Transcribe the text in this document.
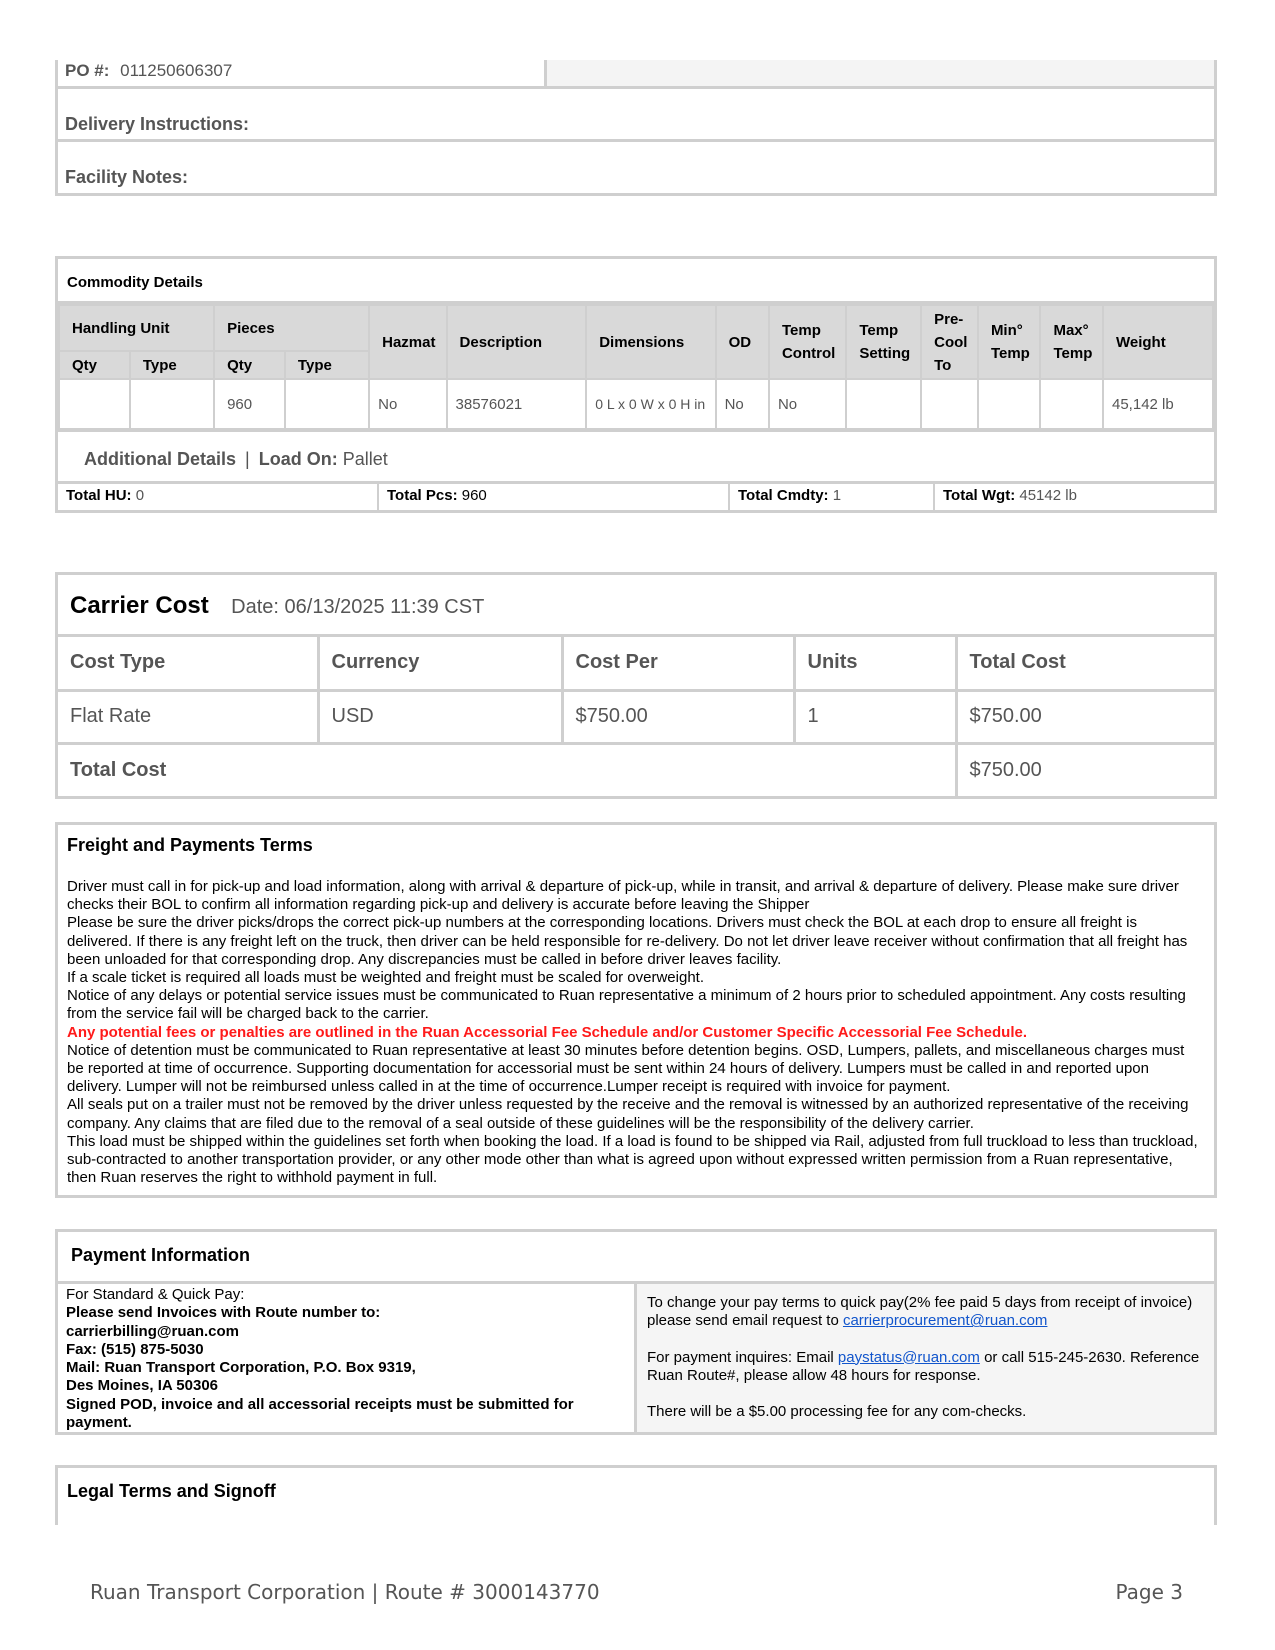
PO #: 011250606307
Delivery Instructions:
Facility Notes:
Commodity Details
Handling Unit		Pieces		Hazmat	Description	Dimensions	OD	Temp Control	Temp Setting	Pre-Cool To	Min° Temp	Max° Temp	Weight
Qty	Type	Qty	Type										
		960		No	38576021	0 L x 0 W x 0 H in	No	No					45,142 lb
Additional Details | Load On: Pallet
Total HU: 0	Total Pcs: 960	Total Cmdty: 1	Total Wgt: 45142 lb
Carrier Cost Date: 06/13/2025 11:39 CST
Cost Type	Currency	Cost Per	Units	Total Cost
Flat Rate	USD	$750.00	1	$750.00
Total Cost				$750.00
Freight and Payments Terms

Driver must call in for pick-up and load information, along with arrival & departure of pick-up, while in transit, and arrival & departure of delivery. Please make sure driver checks their BOL to confirm all information regarding pick-up and delivery is accurate before leaving the Shipper

Please be sure the driver picks/drops the correct pick-up numbers at the corresponding locations. Drivers must check the BOL at each drop to ensure all freight is delivered. If there is any freight left on the truck, then driver can be held responsible for re-delivery. Do not let driver leave receiver without confirmation that all freight has been unloaded for that corresponding drop. Any discrepancies must be called in before driver leaves facility.

If a scale ticket is required all loads must be weighted and freight must be scaled for overweight.

Notice of any delays or potential service issues must be communicated to Ruan representative a minimum of 2 hours prior to scheduled appointment. Any costs resulting from the service fail will be charged back to the carrier.

Any potential fees or penalties are outlined in the Ruan Accessorial Fee Schedule and/or Customer Specific Accessorial Fee Schedule.

Notice of detention must be communicated to Ruan representative at least 30 minutes before detention begins. OSD, Lumpers, pallets, and miscellaneous charges must be reported at time of occurrence. Supporting documentation for accessorial must be sent within 24 hours of delivery. Lumpers must be called in and reported upon delivery. Lumper will not be reimbursed unless called in at the time of occurrence.Lumper receipt is required with invoice for payment.

All seals put on a trailer must not be removed by the driver unless requested by the receive and the removal is witnessed by an authorized representative of the receiving company. Any claims that are filed due to the removal of a seal outside of these guidelines will be the responsibility of the delivery carrier.

This load must be shipped within the guidelines set forth when booking the load. If a load is found to be shipped via Rail, adjusted from full truckload to less than truckload, sub-contracted to another transportation provider, or any other mode other than what is agreed upon without expressed written permission from a Ruan representative, then Ruan reserves the right to withhold payment in full.

Payment Information
For Standard & Quick Pay:
Please send Invoices with Route number to:
carrierbilling@ruan.com
Fax: (515) 875-5030
Mail: Ruan Transport Corporation, P.O. Box 9319,
Des Moines, IA 50306
Signed POD, invoice and all accessorial receipts must be submitted for payment.
To change your pay terms to quick pay(2% fee paid 5 days from receipt of invoice) please send email request to carrierprocurement@ruan.com
For payment inquires: Email paystatus@ruan.com or call 515-245-2630. Reference Ruan Route#, please allow 48 hours for response.
There will be a $5.00 processing fee for any com-checks.
Legal Terms and Signoff
Ruan Transport Corporation | Route # 3000143770	Page 3
